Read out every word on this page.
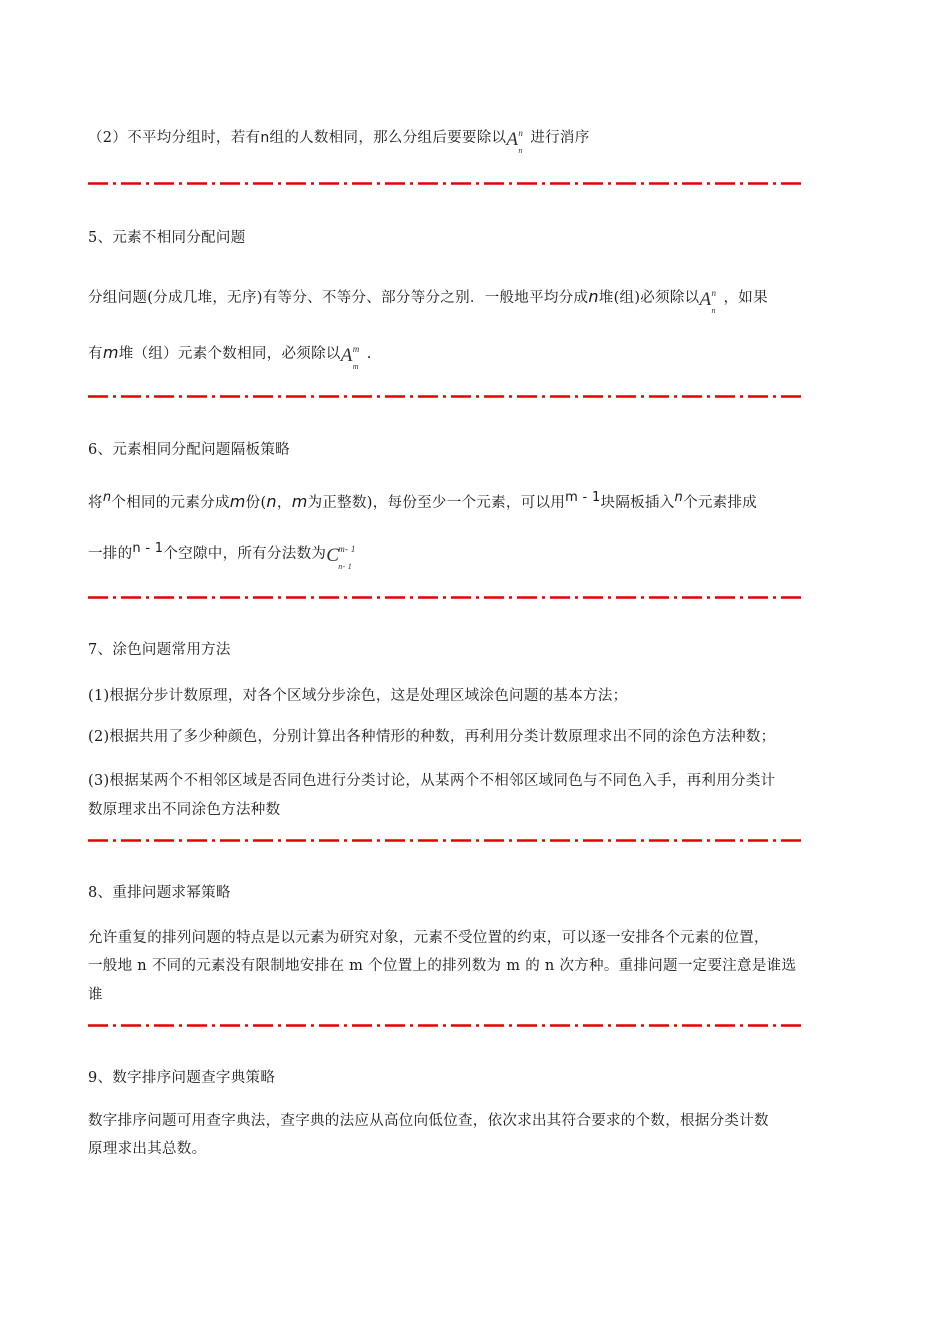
（2）不平均分组时，若有n组的人数相同，那么分组后要要除以A n
n
进行消序
5、元素不相同分配问题
分组问题(分成几堆，无序)有等分、不等分、部分等分之别．一般地平均分成n堆(组)必须除以A n
n
，如果
有m堆（组）元素个数相同，必须除以A m
m
.
6、元素相同分配问题隔板策略
将n个相同的元素分成m份(n，m为正整数)，每份至少一个元素，可以用m - 1块隔板插入n个元素排成
一排的n - 1个空隙中，所有分法数为C m- 1
n- 1
7、涂色问题常用方法
(1)根据分步计数原理，对各个区域分步涂色，这是处理区域涂色问题的基本方法；
(2)根据共用了多少种颜色，分别计算出各种情形的种数，再利用分类计数原理求出不同的涂色方法种数；
(3)根据某两个不相邻区域是否同色进行分类讨论，从某两个不相邻区域同色与不同色入手，再利用分类计
数原理求出不同涂色方法种数
8、重排问题求幂策略
允许重复的排列问题的特点是以元素为研究对象，元素不受位置的约束，可以逐一安排各个元素的位置，
一般地 n 不同的元素没有限制地安排在 m 个位置上的排列数为 m 的 n 次方种。重排问题一定要注意是谁选
谁
9、数字排序问题查字典策略
数字排序问题可用查字典法，查字典的法应从高位向低位查，依次求出其符合要求的个数，根据分类计数
原理求出其总数。
